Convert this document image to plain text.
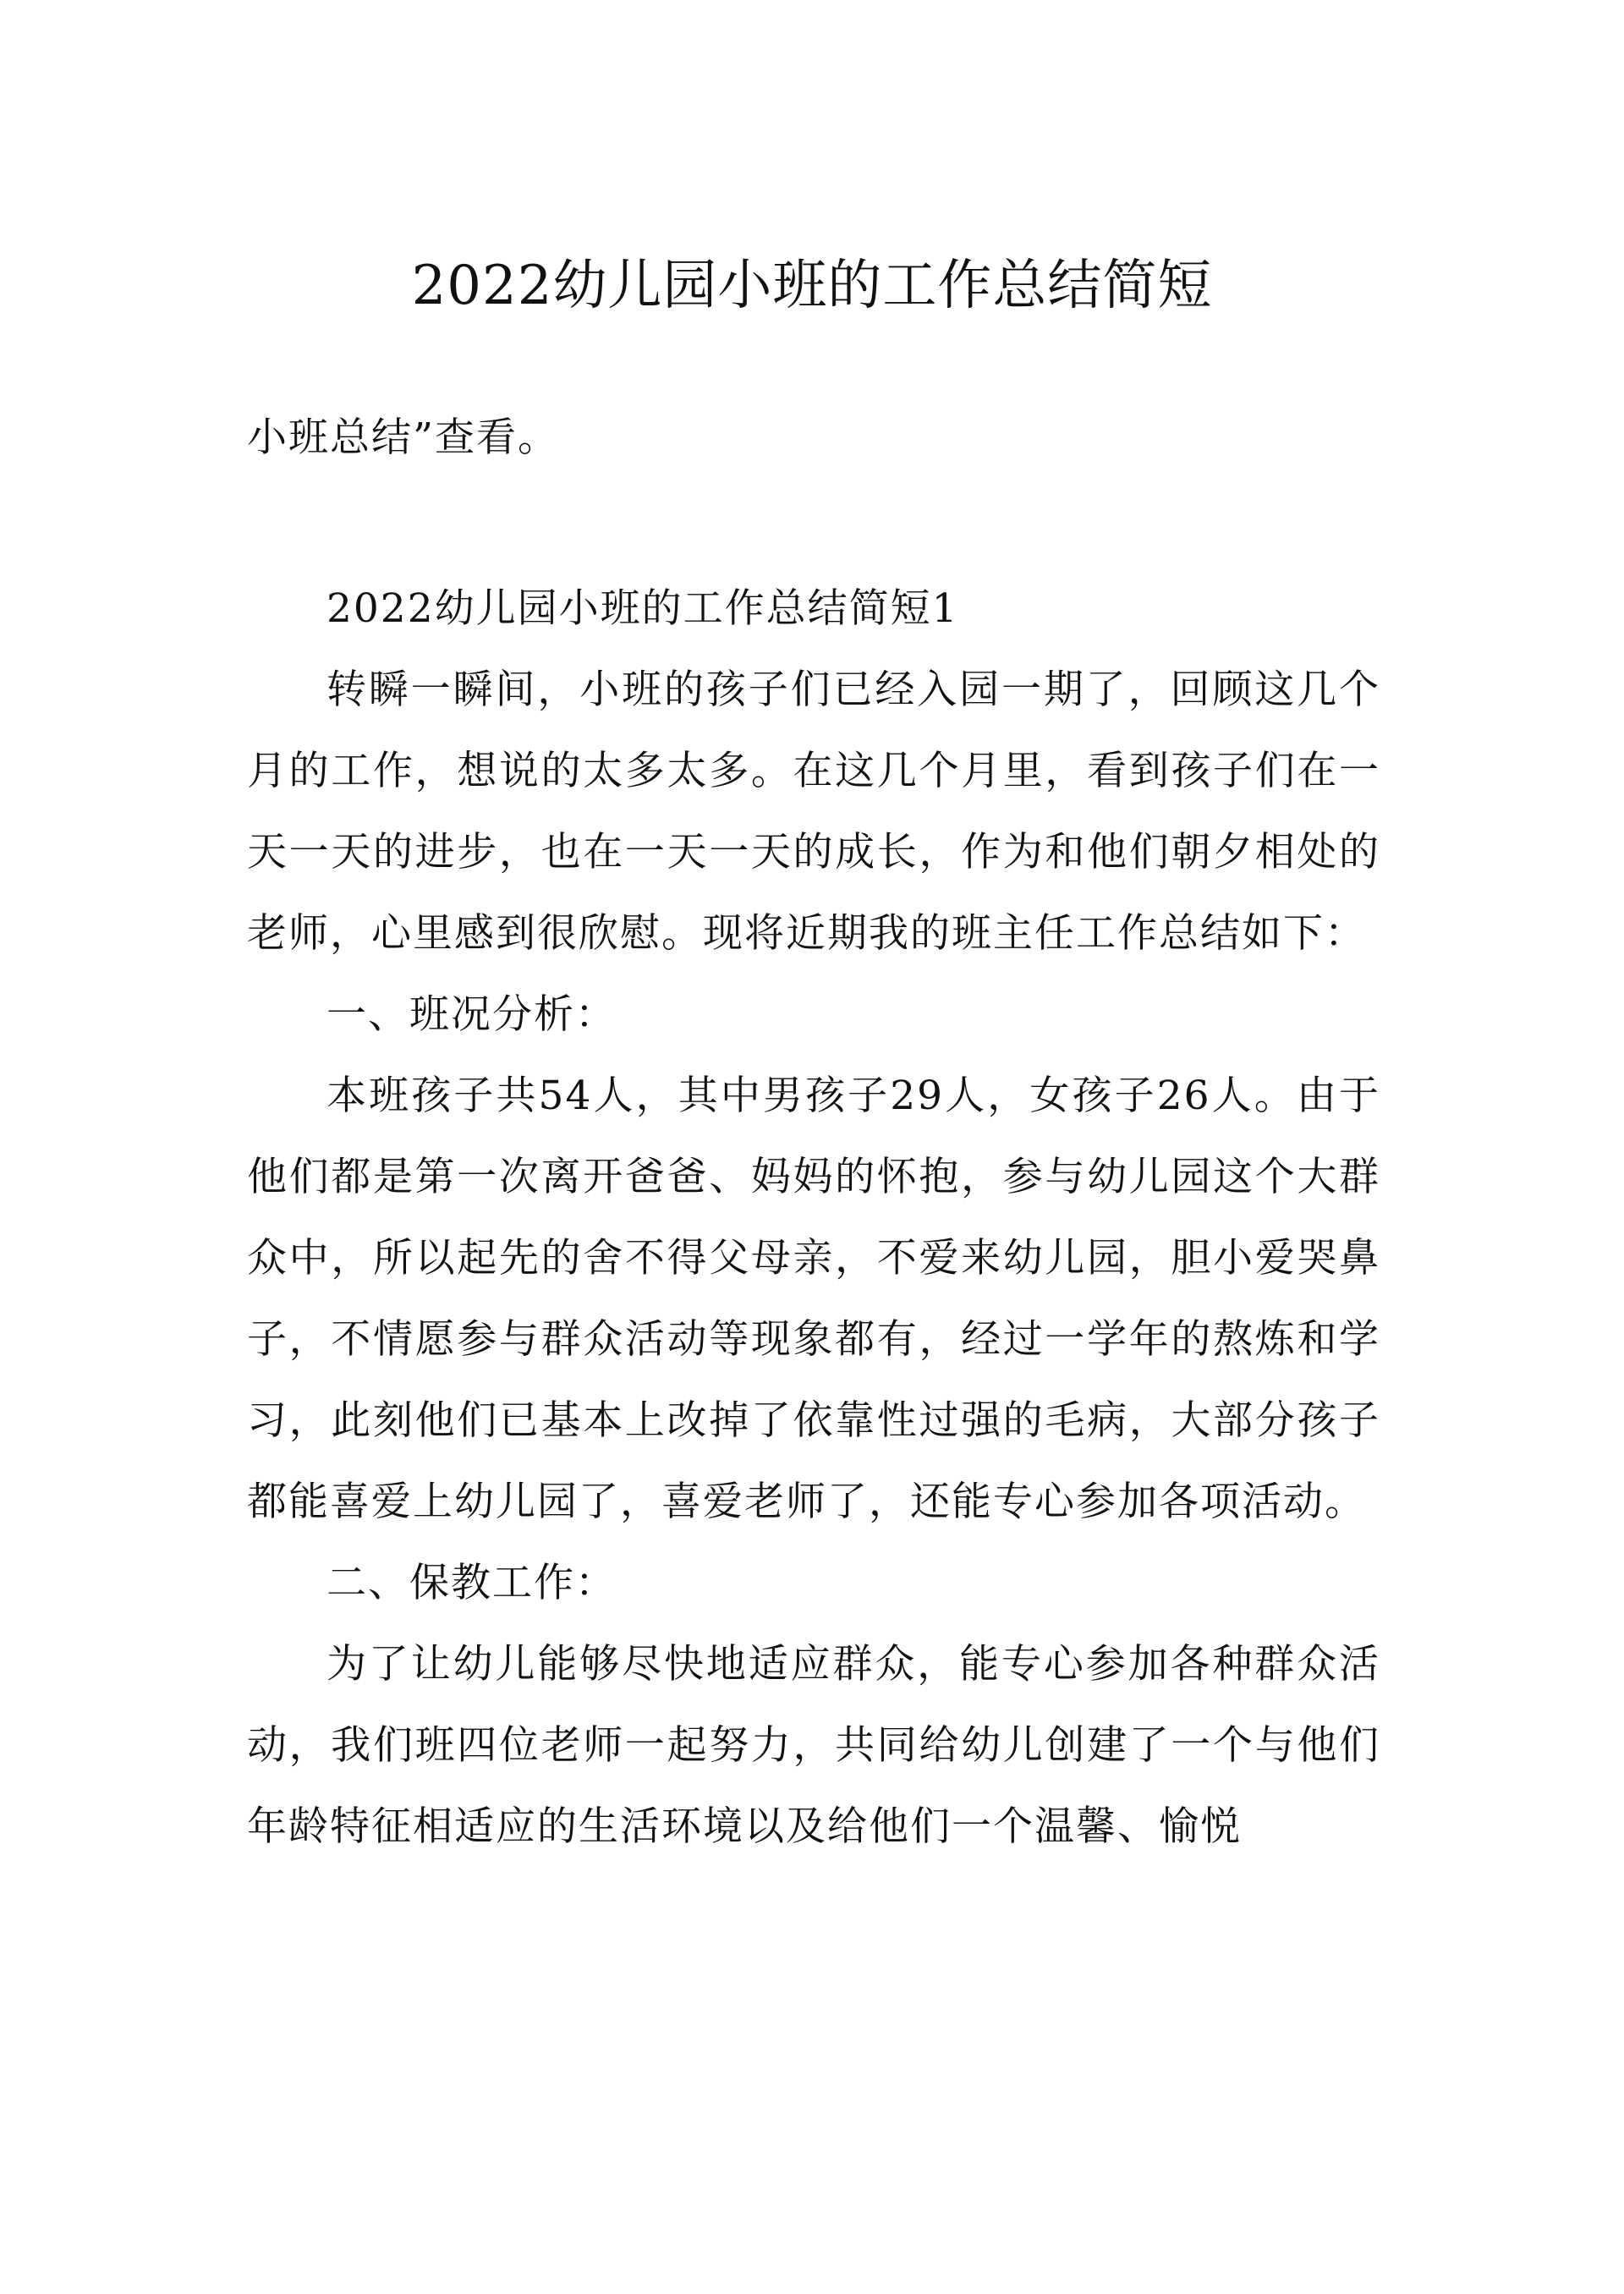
2022幼儿园小班的工作总结简短
小班总结”查看。

2022幼儿园小班的工作总结简短1

转瞬一瞬间，小班的孩子们已经入园一期了，回顾这几个月的工作，想说的太多太多。在这几个月里，看到孩子们在一天一天的进步，也在一天一天的成长，作为和他们朝夕相处的老师，心里感到很欣慰。现将近期我的班主任工作总结如下：

一、班况分析：

本班孩子共54人，其中男孩子29人，女孩子26人。由于他们都是第一次离开爸爸、妈妈的怀抱，参与幼儿园这个大群众中，所以起先的舍不得父母亲，不爱来幼儿园，胆小爱哭鼻子，不情愿参与群众活动等现象都有，经过一学年的熬炼和学习，此刻他们已基本上改掉了依靠性过强的毛病，大部分孩子都能喜爱上幼儿园了，喜爱老师了，还能专心参加各项活动。

二、保教工作：

为了让幼儿能够尽快地适应群众，能专心参加各种群众活动，我们班四位老师一起努力，共同给幼儿创建了一个与他们年龄特征相适应的生活环境以及给他们一个温馨、愉悦
